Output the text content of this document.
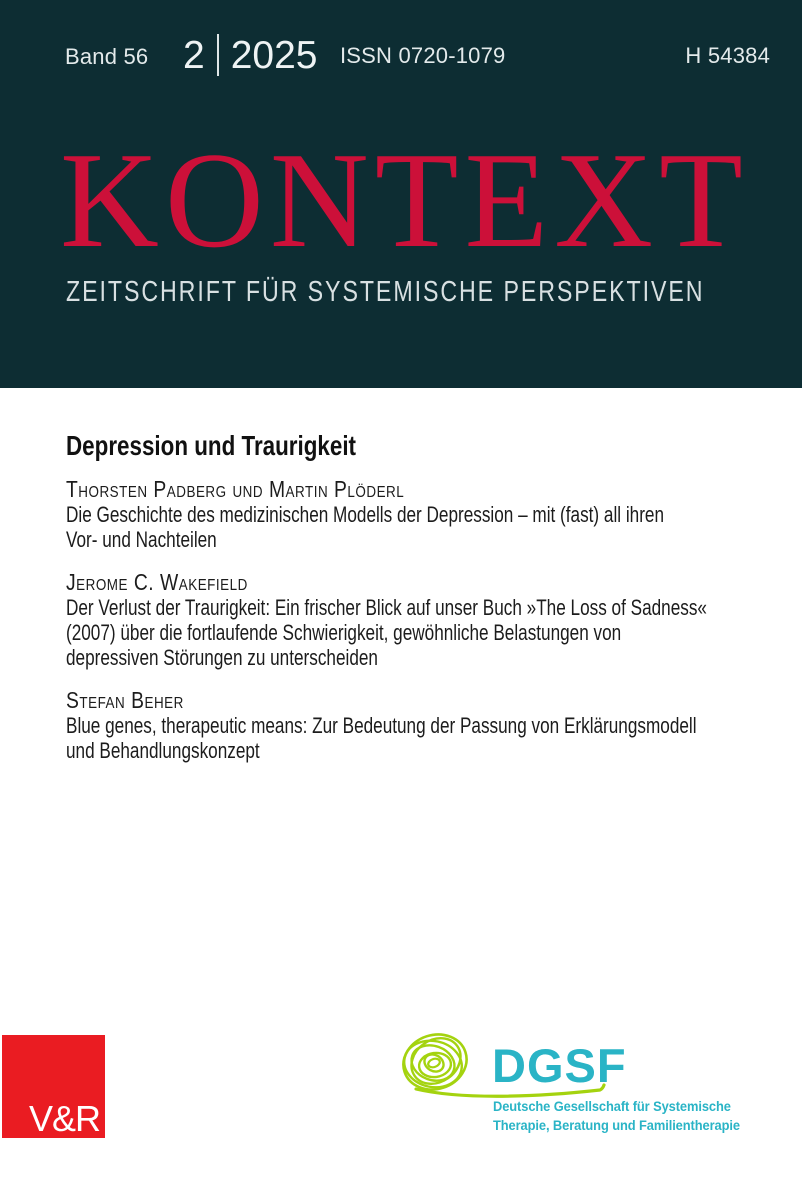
Band 56 2 2025 ISSN 0720-1079	H 54384
KONTEXT
ZEITSCHRIFT FÜR SYSTEMISCHE PERSPEKTIVEN
Depression und Traurigkeit
Thorsten Padberg und Martin Plöderl
Die Geschichte des medizinischen Modells der Depression – mit (fast) all ihren
Vor- und Nachteilen
Jerome C. Wakefield
Der Verlust der Traurigkeit: Ein frischer Blick auf unser Buch »The Loss of Sadness«
(2007) über die fortlaufende Schwierigkeit, gewöhnliche Belastungen von
depressiven Störungen zu unterscheiden
Stefan Beher
Blue genes, therapeutic means: Zur Bedeutung der Passung von Erklärungsmodell
und Behandlungskonzept
V&R
DGSF
Deutsche Gesellschaft für Systemische
Therapie, Beratung und Familientherapie
